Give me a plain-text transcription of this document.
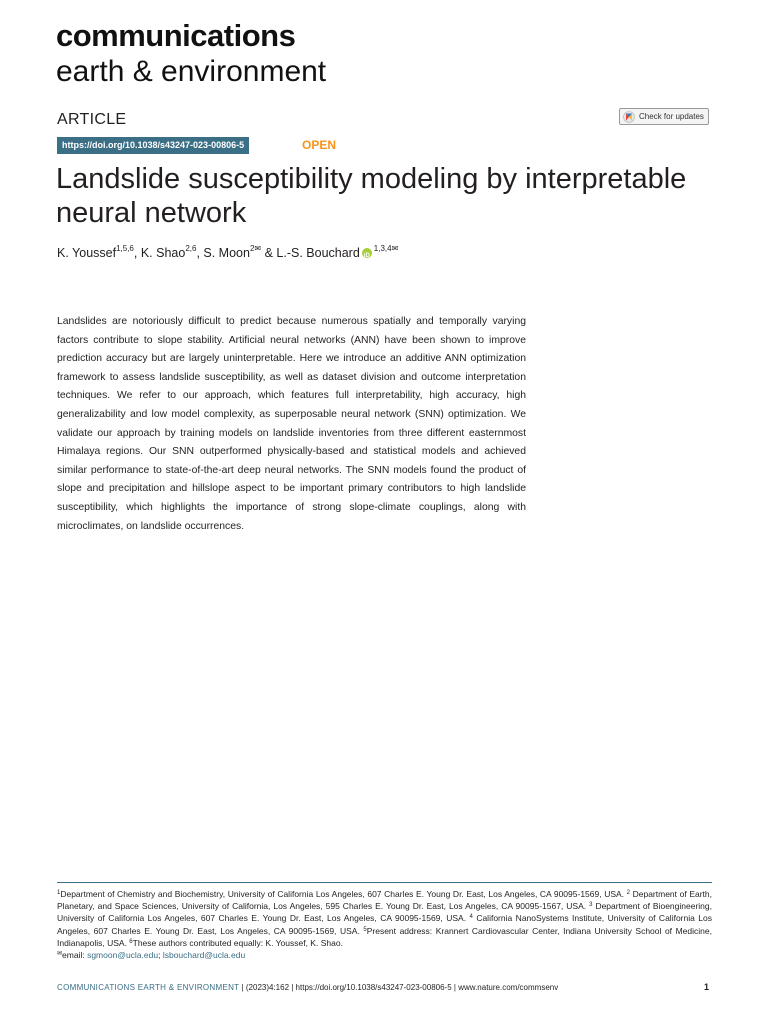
communications
earth & environment
ARTICLE	Check for updates
https://doi.org/10.1038/s43247-023-00806-5	OPEN
Landslide susceptibility modeling by interpretable neural network
K. Youssef$^{1,5,6}$, K. Shao$^{2,6}$, S. Moon$^{2✉}$ & L.-S. Bouchard iD
$^{1,3,4✉}$
Landslides are notoriously difficult to predict because numerous spatially and temporally varying factors contribute to slope stability. Artificial neural networks (ANN) have been shown to improve prediction accuracy but are largely uninterpretable. Here we introduce an additive ANN optimization framework to assess landslide susceptibility, as well as dataset division and outcome interpretation techniques. We refer to our approach, which features full interpretability, high accuracy, high generalizability and low model complexity, as superposable neural network (SNN) optimization. We validate our approach by training models on landslide inventories from three different easternmost Himalaya regions. Our SNN outperformed physically-based and statistical models and achieved similar performance to state-of-the-art deep neural networks. The SNN models found the product of slope and precipitation and hillslope aspect to be important primary contributors to high landslide susceptibility, which highlights the importance of strong slope-climate couplings, along with microclimates, on landslide occurrences.
$^1$Department of Chemistry and Biochemistry, University of California Los Angeles, 607 Charles E. Young Dr. East, Los Angeles, CA 90095-1569, USA. $^2$ Department of Earth, Planetary, and Space Sciences, University of California, Los Angeles, 595 Charles E. Young Dr. East, Los Angeles, CA 90095-1567, USA. $^3$ Department of Bioengineering, University of California Los Angeles, 607 Charles E. Young Dr. East, Los Angeles, CA 90095-1569, USA. $^4$ California NanoSystems Institute, University of California Los Angeles, 607 Charles E. Young Dr. East, Los Angeles, CA 90095-1569, USA. $^5$Present address: Krannert Cardiovascular Center, Indiana University School of Medicine, Indianapolis, USA. $^6$These authors contributed equally: K. Youssef, K. Shao.
✉email: sgmoon@ucla.edu; lsbouchard@ucla.edu
COMMUNICATIONS EARTH & ENVIRONMENT | (2023)4:162 | https://doi.org/10.1038/s43247-023-00806-5 | www.nature.com/commsenv	1
